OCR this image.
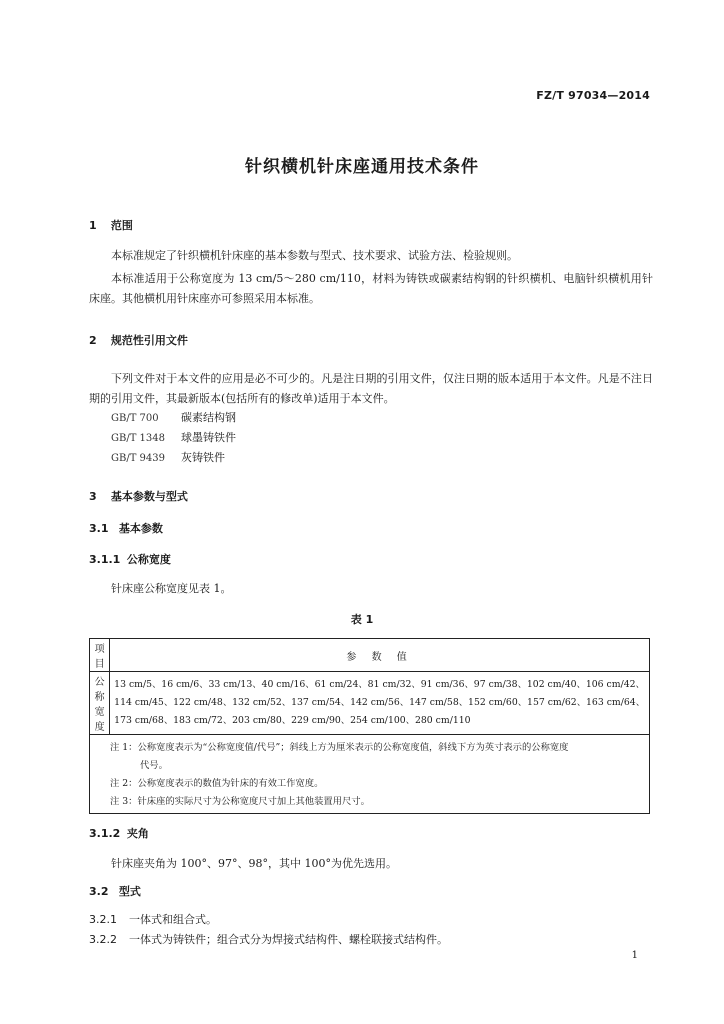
FZ/T 97034—2014
针织横机针床座通用技术条件
1 范围
本标准规定了针织横机针床座的基本参数与型式、技术要求、试验方法、检验规则。
本标准适用于公称宽度为 13 cm/5～280 cm/110，材料为铸铁或碳素结构钢的针织横机、电脑针织横机用针床座。其他横机用针床座亦可参照采用本标准。
2 规范性引用文件
下列文件对于本文件的应用是必不可少的。凡是注日期的引用文件，仅注日期的版本适用于本文件。凡是不注日期的引用文件，其最新版本(包括所有的修改单)适用于本文件。
GB/T 700 碳素结构钢
GB/T 1348 球墨铸铁件
GB/T 9439 灰铸铁件
3 基本参数与型式
3.1 基本参数
3.1.1 公称宽度
针床座公称宽度见表 1。
表 1
项目	参 数 值
公称宽度	13 cm/5、16 cm/6、33 cm/13、40 cm/16、61 cm/24、81 cm/32、91 cm/36、97 cm/38、102 cm/40、106 cm/42、
114 cm/45、122 cm/48、132 cm/52、137 cm/54、142 cm/56、147 cm/58、152 cm/60、157 cm/62、163 cm/64、
173 cm/68、183 cm/72、203 cm/80、229 cm/90、254 cm/100、280 cm/110

注 1：公称宽度表示为“公称宽度值/代号”；斜线上方为厘米表示的公称宽度值，斜线下方为英寸表示的公称宽度
代号。
注 2：公称宽度表示的数值为针床的有效工作宽度。
注 3：针床座的实际尺寸为公称宽度尺寸加上其他装置用尺寸。	
3.1.2 夹角
针床座夹角为 100°、97°、98°，其中 100°为优先选用。
3.2 型式
3.2.1 一体式和组合式。
3.2.2 一体式为铸铁件；组合式分为焊接式结构件、螺栓联接式结构件。
1
